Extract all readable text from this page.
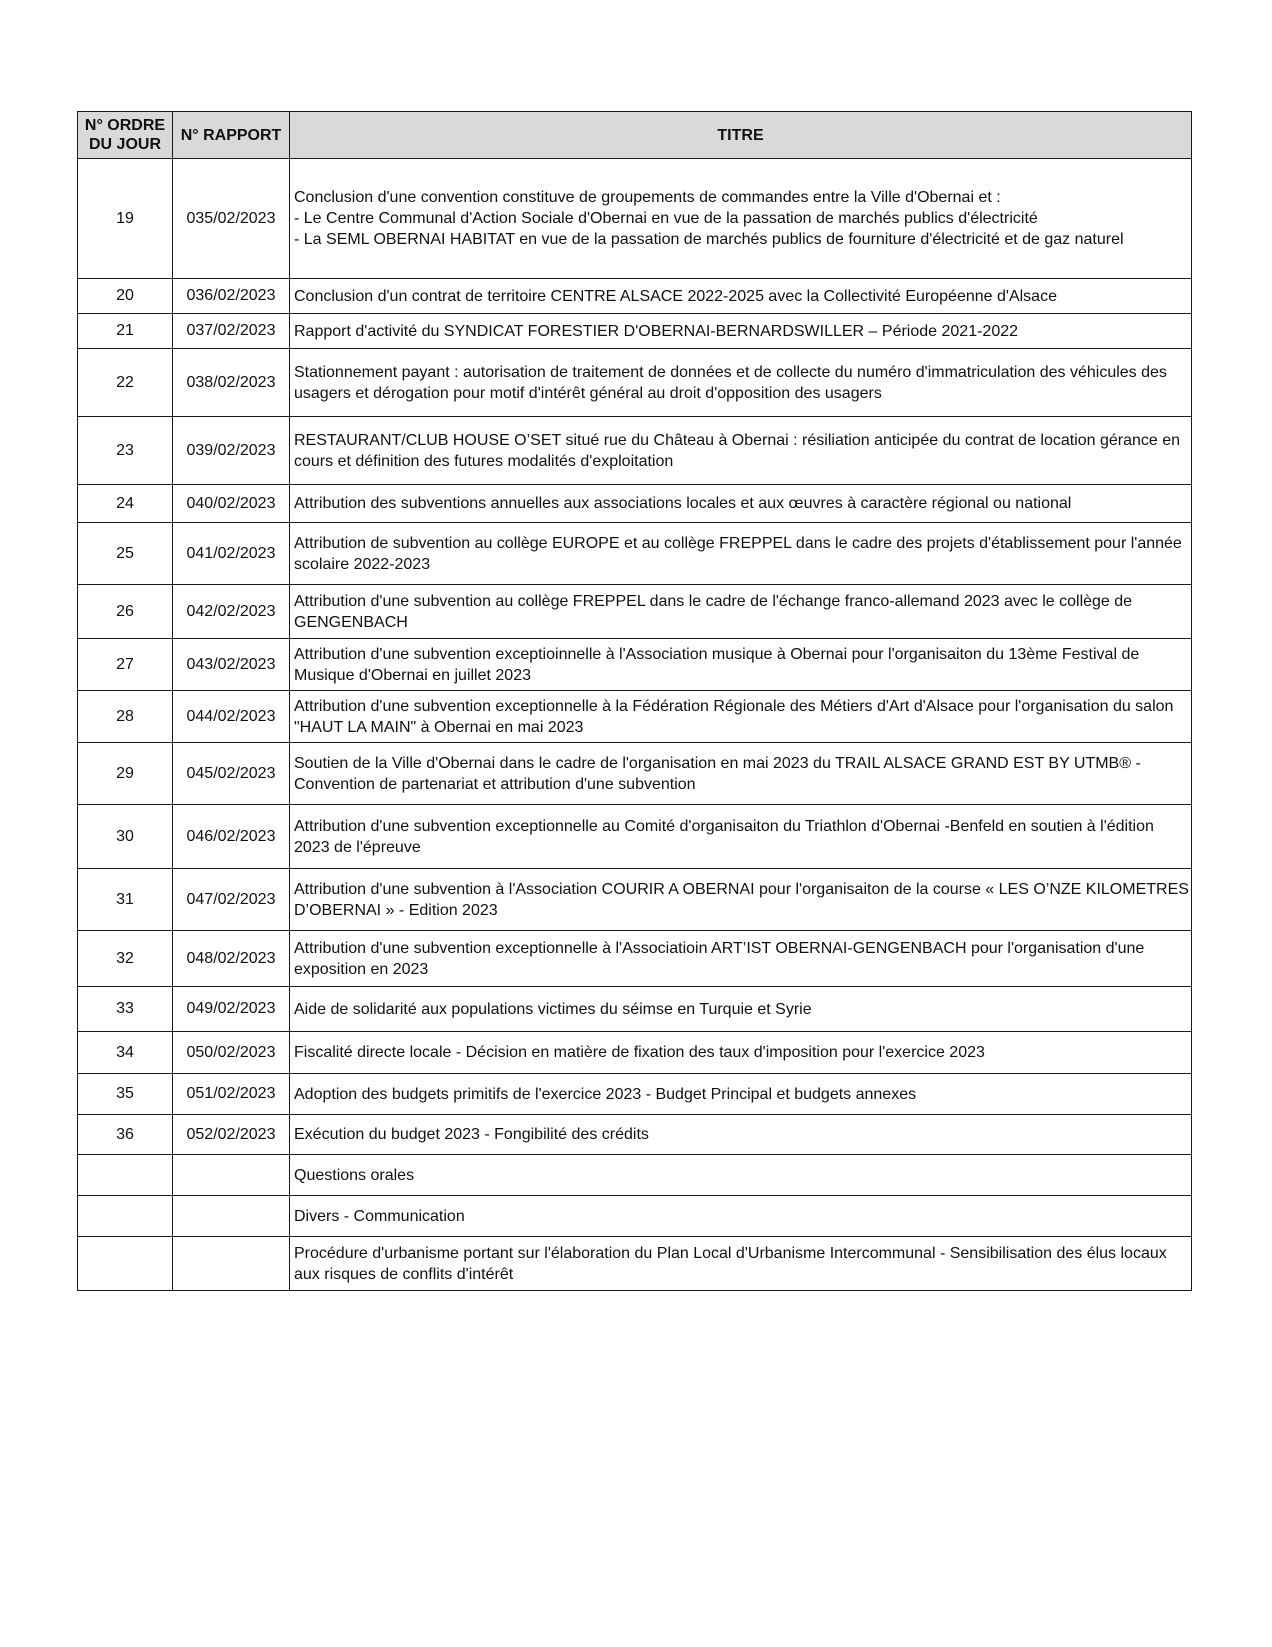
N° ORDRE DU JOUR	N° RAPPORT	TITRE
19	035/02/2023	Conclusion d'une convention constituve de groupements de commandes entre la Ville d'Obernai et :
- Le Centre Communal d'Action Sociale d'Obernai en vue de la passation de marchés publics d'électricité
- La SEML OBERNAI HABITAT en vue de la passation de marchés publics de fourniture d'électricité et de gaz naturel
20	036/02/2023	Conclusion d'un contrat de territoire CENTRE ALSACE 2022-2025 avec la Collectivité Européenne d'Alsace
21	037/02/2023	Rapport d'activité du SYNDICAT FORESTIER D'OBERNAI-BERNARDSWILLER – Période 2021-2022
22	038/02/2023	Stationnement payant : autorisation de traitement de données et de collecte du numéro d'immatriculation des véhicules des usagers et dérogation pour motif d'intérêt général au droit d'opposition des usagers
23	039/02/2023	RESTAURANT/CLUB HOUSE O’SET situé rue du Château à Obernai : résiliation anticipée du contrat de location gérance en cours et définition des futures modalités d'exploitation
24	040/02/2023	Attribution des subventions annuelles aux associations locales et aux œuvres à caractère régional ou national
25	041/02/2023	Attribution de subvention au collège EUROPE et au collège FREPPEL dans le cadre des projets d'établissement pour l'année scolaire 2022-2023
26	042/02/2023	Attribution d'une subvention au collège FREPPEL dans le cadre de l'échange franco-allemand 2023 avec le collège de GENGENBACH
27	043/02/2023	Attribution d'une subvention exceptioinnelle à l'Association musique à Obernai pour l'organisaiton du 13ème Festival de Musique d'Obernai en juillet 2023
28	044/02/2023	Attribution d'une subvention exceptionnelle à la Fédération Régionale des Métiers d'Art d'Alsace pour l'organisation du salon "HAUT LA MAIN" à Obernai en mai 2023
29	045/02/2023	Soutien de la Ville d'Obernai dans le cadre de l'organisation en mai 2023 du TRAIL ALSACE GRAND EST BY UTMB® - Convention de partenariat et attribution d'une subvention
30	046/02/2023	Attribution d'une subvention exceptionnelle au Comité d'organisaiton du Triathlon d'Obernai -Benfeld en soutien à l'édition 2023 de l'épreuve
31	047/02/2023	Attribution d'une subvention à l'Association COURIR A OBERNAI pour l'organisaiton de la course « LES O’NZE KILOMETRES D’OBERNAI » - Edition 2023
32	048/02/2023	Attribution d'une subvention exceptionnelle à l'Associatioin ART’IST OBERNAI-GENGENBACH pour l'organisation d'une exposition en 2023
33	049/02/2023	Aide de solidarité aux populations victimes du séimse en Turquie et Syrie
34	050/02/2023	Fiscalité directe locale - Décision en matière de fixation des taux d'imposition pour l'exercice 2023
35	051/02/2023	Adoption des budgets primitifs de l'exercice 2023 - Budget Principal et budgets annexes
36	052/02/2023	Exécution du budget 2023 - Fongibilité des crédits
		Questions orales
		Divers - Communication
		Procédure d'urbanisme portant sur l'élaboration du Plan Local d'Urbanisme Intercommunal - Sensibilisation des élus locaux aux risques de conflits d'intérêt
